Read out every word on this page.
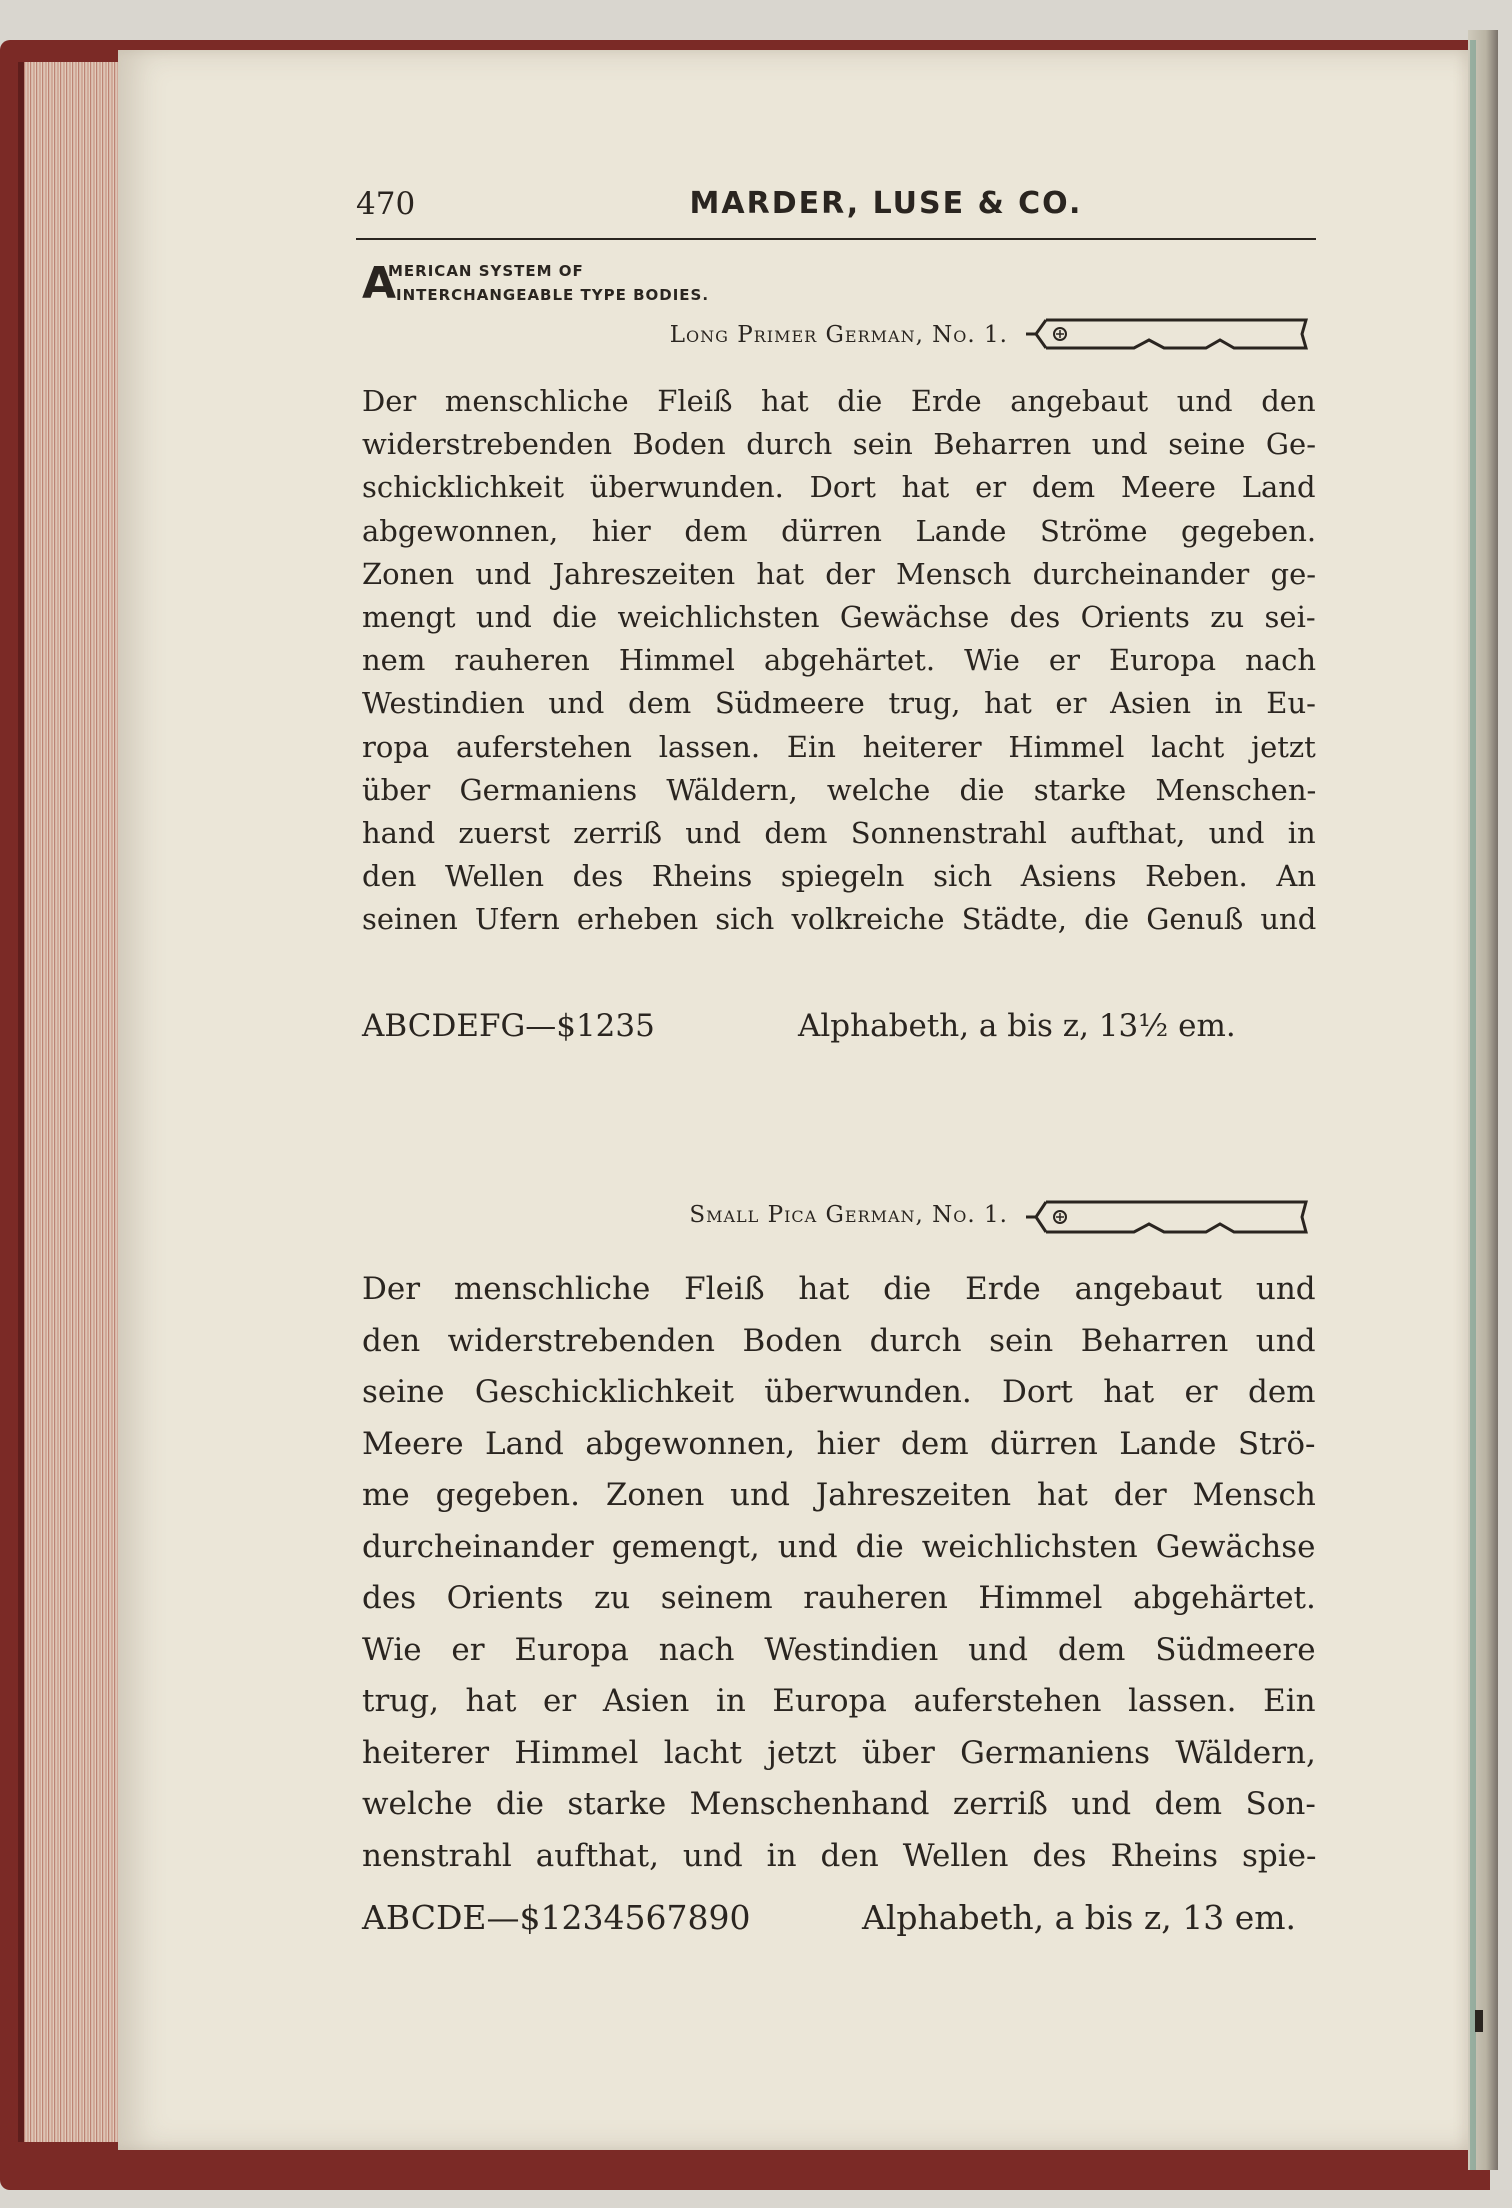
470	MARDER, LUSE & CO.
A
MERICAN SYSTEM OF
INTERCHANGEABLE TYPE BODIES.
Long Primer German, No. 1.
Der menschliche Fleiß hat die Erde angebaut und den
widerstrebenden Boden durch sein Beharren und seine Ge-
schicklichkeit überwunden. Dort hat er dem Meere Land
abgewonnen, hier dem dürren Lande Ströme gegeben.
Zonen und Jahreszeiten hat der Mensch durcheinander ge-
mengt und die weichlichsten Gewächse des Orients zu sei-
nem rauheren Himmel abgehärtet. Wie er Europa nach
Westindien und dem Südmeere trug, hat er Asien in Eu-
ropa auferstehen lassen. Ein heiterer Himmel lacht jetzt
über Germaniens Wäldern, welche die starke Menschen-
hand zuerst zerriß und dem Sonnenstrahl aufthat, und in
den Wellen des Rheins spiegeln sich Asiens Reben. An
seinen Ufern erheben sich volkreiche Städte, die Genuß und
ABCDEFG—$1235	Alphabeth, a bis z, 13½ em.
Small Pica German, No. 1.
Der menschliche Fleiß hat die Erde angebaut und
den widerstrebenden Boden durch sein Beharren und
seine Geschicklichkeit überwunden. Dort hat er dem
Meere Land abgewonnen, hier dem dürren Lande Strö-
me gegeben. Zonen und Jahreszeiten hat der Mensch
durcheinander gemengt, und die weichlichsten Gewächse
des Orients zu seinem rauheren Himmel abgehärtet.
Wie er Europa nach Westindien und dem Südmeere
trug, hat er Asien in Europa auferstehen lassen. Ein
heiterer Himmel lacht jetzt über Germaniens Wäldern,
welche die starke Menschenhand zerriß und dem Son-
nenstrahl aufthat, und in den Wellen des Rheins spie-
ABCDE—$1234567890	Alphabeth, a bis z, 13 em.
